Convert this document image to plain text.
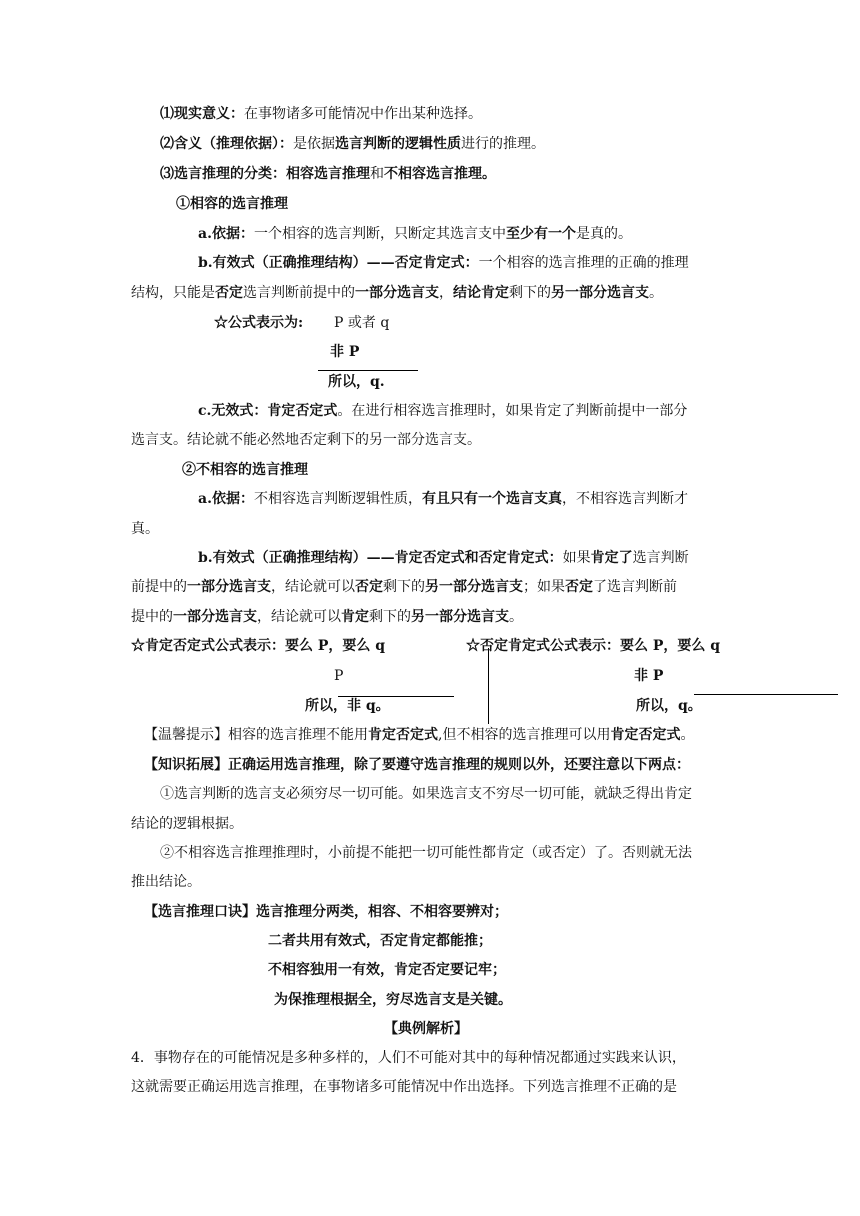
⑴现实意义：在事物诸多可能情况中作出某种选择。
⑵含义（推理依据）：是依据选言判断的逻辑性质进行的推理。
⑶选言推理的分类：相容选言推理和不相容选言推理。
①相容的选言推理
a.依据：一个相容的选言判断，只断定其选言支中至少有一个是真的。
b.有效式（正确推理结构）——否定肯定式：一个相容的选言推理的正确的推理
结构，只能是否定选言判断前提中的一部分选言支，结论肯定剩下的另一部分选言支。
☆公式表示为: P 或者 q
非 P
所以，q.
c.无效式：肯定否定式。在进行相容选言推理时，如果肯定了判断前提中一部分
选言支。结论就不能必然地否定剩下的另一部分选言支。
②不相容的选言推理
a.依据：不相容选言判断逻辑性质，有且只有一个选言支真，不相容选言判断才
真。
b.有效式（正确推理结构）——肯定否定式和否定肯定式：如果肯定了选言判断
前提中的一部分选言支，结论就可以否定剩下的另一部分选言支；如果否定了选言判断前
提中的一部分选言支，结论就可以肯定剩下的另一部分选言支。
☆肯定否定式公式表示：要么 P，要么 q
P
所以，非 q。
☆否定肯定式公式表示：要么 P，要么 q
非 P
所以，q。
【温馨提示】相容的选言推理不能用肯定否定式,但不相容的选言推理可以用肯定否定式。
【知识拓展】正确运用选言推理，除了要遵守选言推理的规则以外，还要注意以下两点：
①选言判断的选言支必须穷尽一切可能。如果选言支不穷尽一切可能，就缺乏得出肯定
结论的逻辑根据。
②不相容选言推理推理时，小前提不能把一切可能性都肯定（或否定）了。否则就无法
推出结论。
【选言推理口诀】选言推理分两类，相容、不相容要辨对；
二者共用有效式，否定肯定都能推；
不相容独用一有效，肯定否定要记牢；
为保推理根据全，穷尽选言支是关键。
【典例解析】
4．事物存在的可能情况是多种多样的，人们不可能对其中的每种情况都通过实践来认识，
这就需要正确运用选言推理，在事物诸多可能情况中作出选择。下列选言推理不正确的是
